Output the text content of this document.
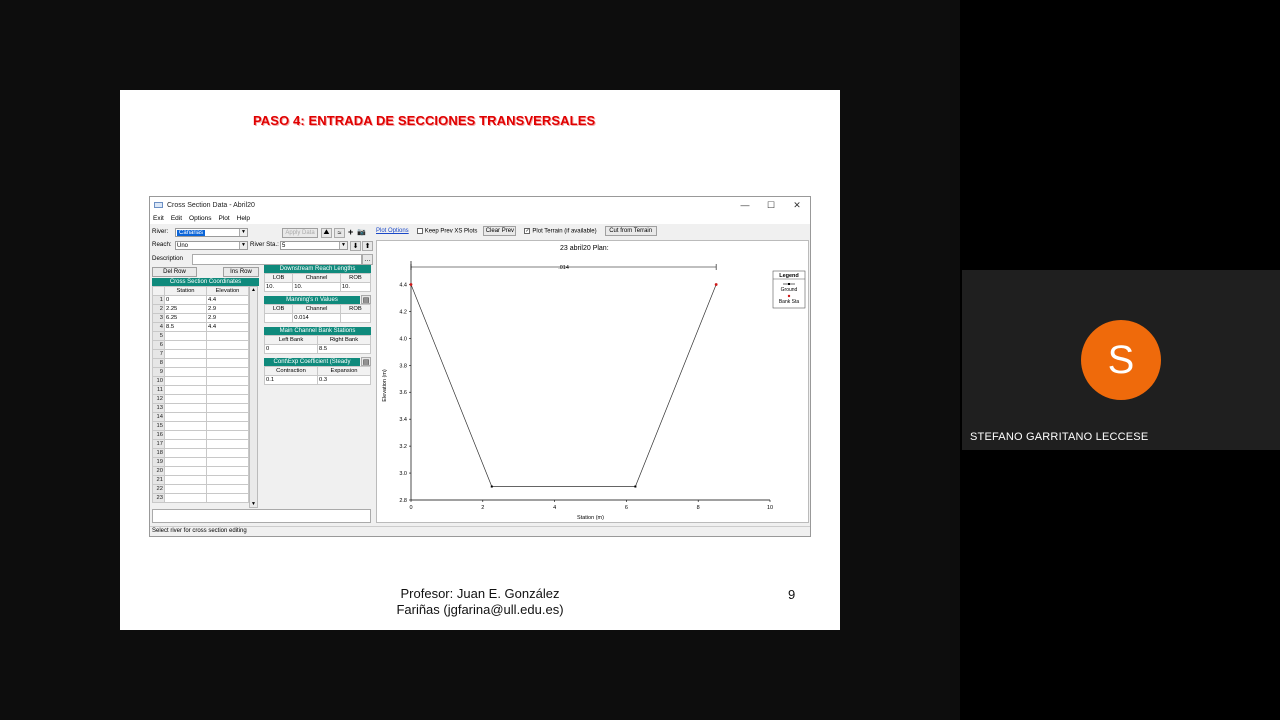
PASO 4: ENTRADA DE SECCIONES TRANSVERSALES
Cross Section Data - Abril20	—	☐	✕
Exit Edit Options Plot Help
River:	Canarias	▼	Apply Data	⛰	≈ + 📷
Reach: Uno	▼ River Sta.: 5	▼ ⬇ ⬆
Description	…
Del Row	Ins Row
Cross Section Coordinates
	Station	Elevation
1	0	4.4
2	2.25	2.9
3	6.25	2.9
4	8.5	4.4
5		
6		
7		
8		
9		
10		
11		
12		
13		
14		
15		
16		
17		
18		
19		
20		
21		
22		
23		
▲
▼
Downstream Reach Lengths
LOB	Channel	ROB
10.	10.	10.
Manning's n Values	▤
LOB	Channel	ROB
	0.014	
Main Channel Bank Stations
Left Bank	Right Bank
0	8.5
Cont\Exp Coefficient (Steady	▤
Contraction	Expansion
0.1	0.3
Plot Options	Keep Prev XS Plots	Clear Prev	✓ Plot Terrain (if available)	Cut from Terrain
23 abril20 Plan:
0	2	4	6	8	10
2.8
3.0
3.2
3.4
3.6
3.8
4.0
4.2
4.4
Station (m)
Elevation (m)
.014
Legend
Ground
Bank Sta
Select river for cross section editing
Profesor: Juan E. González
Fariñas (jgfarina@ull.edu.es)
9
S
STEFANO GARRITANO LECCESE
